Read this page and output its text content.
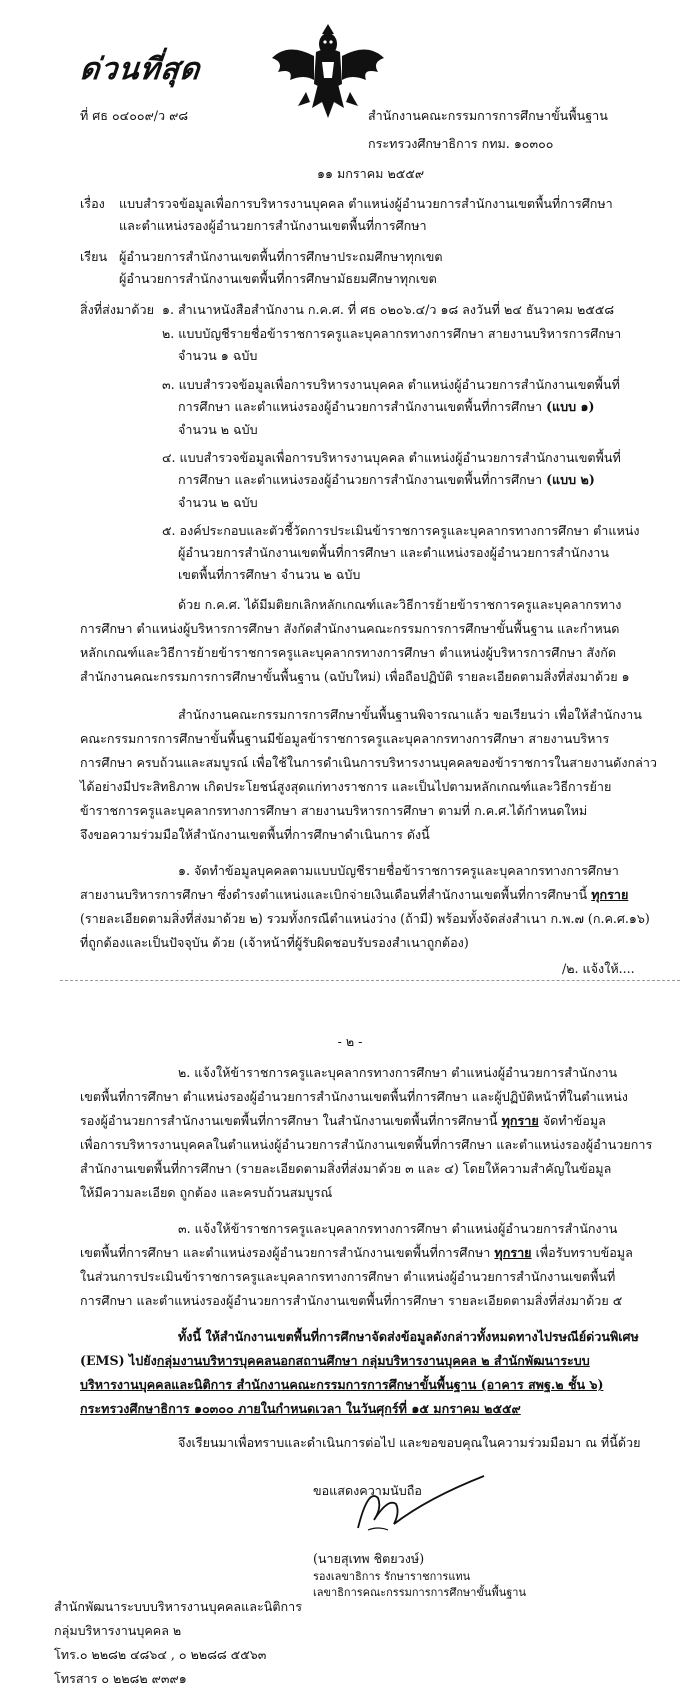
ด่วนที่สุด
ที่ ศธ ๐๔๐๐๙/ว ๙๘	สำนักงานคณะกรรมการการศึกษาขั้นพื้นฐาน
กระทรวงศึกษาธิการ กทม. ๑๐๓๐๐
๑๑ มกราคม ๒๕๕๙
เรื่อง แบบสำรวจข้อมูลเพื่อการบริหารงานบุคคล ตำแหน่งผู้อำนวยการสำนักงานเขตพื้นที่การศึกษา
และตำแหน่งรองผู้อำนวยการสำนักงานเขตพื้นที่การศึกษา
เรียน ผู้อำนวยการสำนักงานเขตพื้นที่การศึกษาประถมศึกษาทุกเขต
ผู้อำนวยการสำนักงานเขตพื้นที่การศึกษามัธยมศึกษาทุกเขต
สิ่งที่ส่งมาด้วย ๑. สำเนาหนังสือสำนักงาน ก.ค.ศ. ที่ ศธ ๐๒๐๖.๔/ว ๑๘ ลงวันที่ ๒๔ ธันวาคม ๒๕๕๘
๒. แบบบัญชีรายชื่อข้าราชการครูและบุคลากรทางการศึกษา สายงานบริหารการศึกษา
จำนวน ๑ ฉบับ
๓. แบบสำรวจข้อมูลเพื่อการบริหารงานบุคคล ตำแหน่งผู้อำนวยการสำนักงานเขตพื้นที่
การศึกษา และตำแหน่งรองผู้อำนวยการสำนักงานเขตพื้นที่การศึกษา (แบบ ๑)
จำนวน ๒ ฉบับ
๔. แบบสำรวจข้อมูลเพื่อการบริหารงานบุคคล ตำแหน่งผู้อำนวยการสำนักงานเขตพื้นที่
การศึกษา และตำแหน่งรองผู้อำนวยการสำนักงานเขตพื้นที่การศึกษา (แบบ ๒)
จำนวน ๒ ฉบับ
๕. องค์ประกอบและตัวชี้วัดการประเมินข้าราชการครูและบุคลากรทางการศึกษา ตำแหน่ง
ผู้อำนวยการสำนักงานเขตพื้นที่การศึกษา และตำแหน่งรองผู้อำนวยการสำนักงาน
เขตพื้นที่การศึกษา จำนวน ๒ ฉบับ
ด้วย ก.ค.ศ. ได้มีมติยกเลิกหลักเกณฑ์และวิธีการย้ายข้าราชการครูและบุคลากรทาง
การศึกษา ตำแหน่งผู้บริหารการศึกษา สังกัดสำนักงานคณะกรรมการการศึกษาขั้นพื้นฐาน และกำหนด
หลักเกณฑ์และวิธีการย้ายข้าราชการครูและบุคลากรทางการศึกษา ตำแหน่งผู้บริหารการศึกษา สังกัด
สำนักงานคณะกรรมการการศึกษาขั้นพื้นฐาน (ฉบับใหม่) เพื่อถือปฏิบัติ รายละเอียดตามสิ่งที่ส่งมาด้วย ๑
สำนักงานคณะกรรมการการศึกษาขั้นพื้นฐานพิจารณาแล้ว ขอเรียนว่า เพื่อให้สำนักงาน
คณะกรรมการการศึกษาขั้นพื้นฐานมีข้อมูลข้าราชการครูและบุคลากรทางการศึกษา สายงานบริหาร
การศึกษา ครบถ้วนและสมบูรณ์ เพื่อใช้ในการดำเนินการบริหารงานบุคคลของข้าราชการในสายงานดังกล่าว
ได้อย่างมีประสิทธิภาพ เกิดประโยชน์สูงสุดแก่ทางราชการ และเป็นไปตามหลักเกณฑ์และวิธีการย้าย
ข้าราชการครูและบุคลากรทางการศึกษา สายงานบริหารการศึกษา ตามที่ ก.ค.ศ.ได้กำหนดใหม่
จึงขอความร่วมมือให้สำนักงานเขตพื้นที่การศึกษาดำเนินการ ดังนี้
๑. จัดทำข้อมูลบุคคลตามแบบบัญชีรายชื่อข้าราชการครูและบุคลากรทางการศึกษา
สายงานบริหารการศึกษา ซึ่งดำรงตำแหน่งและเบิกจ่ายเงินเดือนที่สำนักงานเขตพื้นที่การศึกษานี้ ทุกราย
(รายละเอียดตามสิ่งที่ส่งมาด้วย ๒) รวมทั้งกรณีตำแหน่งว่าง (ถ้ามี) พร้อมทั้งจัดส่งสำเนา ก.พ.๗ (ก.ค.ศ.๑๖)
ที่ถูกต้องและเป็นปัจจุบัน ด้วย (เจ้าหน้าที่ผู้รับผิดชอบรับรองสำเนาถูกต้อง)
/๒. แจ้งให้....
- ๒ -
๒. แจ้งให้ข้าราชการครูและบุคลากรทางการศึกษา ตำแหน่งผู้อำนวยการสำนักงาน
เขตพื้นที่การศึกษา ตำแหน่งรองผู้อำนวยการสำนักงานเขตพื้นที่การศึกษา และผู้ปฏิบัติหน้าที่ในตำแหน่ง
รองผู้อำนวยการสำนักงานเขตพื้นที่การศึกษา ในสำนักงานเขตพื้นที่การศึกษานี้ ทุกราย จัดทำข้อมูล
เพื่อการบริหารงานบุคคลในตำแหน่งผู้อำนวยการสำนักงานเขตพื้นที่การศึกษา และตำแหน่งรองผู้อำนวยการ
สำนักงานเขตพื้นที่การศึกษา (รายละเอียดตามสิ่งที่ส่งมาด้วย ๓ และ ๔) โดยให้ความสำคัญในข้อมูล
ให้มีความละเอียด ถูกต้อง และครบถ้วนสมบูรณ์
๓. แจ้งให้ข้าราชการครูและบุคลากรทางการศึกษา ตำแหน่งผู้อำนวยการสำนักงาน
เขตพื้นที่การศึกษา และตำแหน่งรองผู้อำนวยการสำนักงานเขตพื้นที่การศึกษา ทุกราย เพื่อรับทราบข้อมูล
ในส่วนการประเมินข้าราชการครูและบุคลากรทางการศึกษา ตำแหน่งผู้อำนวยการสำนักงานเขตพื้นที่
การศึกษา และตำแหน่งรองผู้อำนวยการสำนักงานเขตพื้นที่การศึกษา รายละเอียดตามสิ่งที่ส่งมาด้วย ๕
ทั้งนี้ ให้สำนักงานเขตพื้นที่การศึกษาจัดส่งข้อมูลดังกล่าวทั้งหมดทางไปรษณีย์ด่วนพิเศษ
(EMS) ไปยังกลุ่มงานบริหารบุคคลนอกสถานศึกษา กลุ่มบริหารงานบุคคล ๒ สำนักพัฒนาระบบ
บริหารงานบุคคลและนิติการ สำนักงานคณะกรรมการการศึกษาขั้นพื้นฐาน (อาคาร สพฐ.๒ ชั้น ๖)
กระทรวงศึกษาธิการ ๑๐๓๐๐ ภายในกำหนดเวลา ในวันศุกร์ที่ ๑๕ มกราคม ๒๕๕๙
จึงเรียนมาเพื่อทราบและดำเนินการต่อไป และขอขอบคุณในความร่วมมือมา ณ ที่นี้ด้วย
ขอแสดงความนับถือ
(นายสุเทพ ชิตยวงษ์)
รองเลขาธิการ รักษาราชการแทน
เลขาธิการคณะกรรมการการศึกษาขั้นพื้นฐาน
สำนักพัฒนาระบบบริหารงานบุคคลและนิติการ
กลุ่มบริหารงานบุคคล ๒
โทร.๐ ๒๒๘๒ ๔๘๖๔ , ๐ ๒๒๘๘ ๕๕๖๓
โทรสาร ๐ ๒๒๘๒ ๙๓๙๑
